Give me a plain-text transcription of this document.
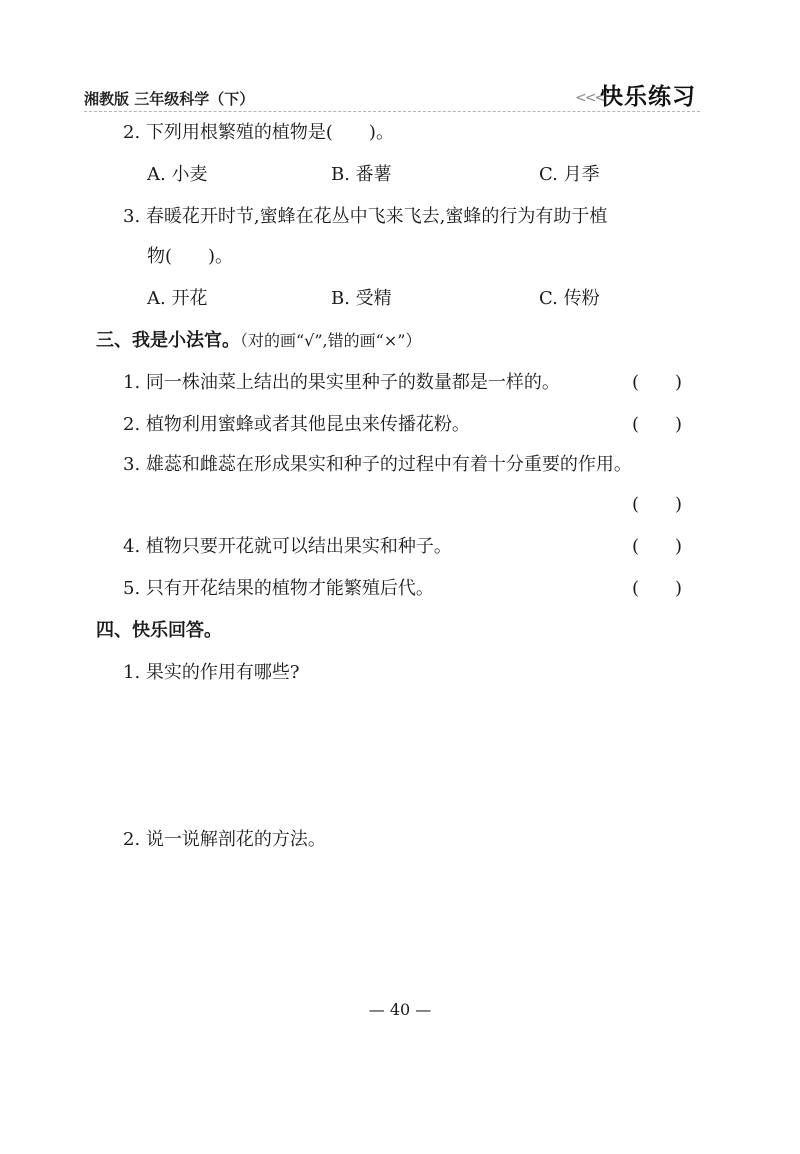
湘教版 三年级科学（下）	<<<
快乐练习
2. 下列用根繁殖的植物是(　　)。
A. 小麦	B. 番薯	C. 月季
3. 春暖花开时节,蜜蜂在花丛中飞来飞去,蜜蜂的行为有助于植
物(　　)。
A. 开花	B. 受精	C. 传粉
三、我是小法官。（对的画“√”,错的画“×”）
1. 同一株油菜上结出的果实里种子的数量都是一样的。	(　　)
2. 植物利用蜜蜂或者其他昆虫来传播花粉。	(　　)
3. 雄蕊和雌蕊在形成果实和种子的过程中有着十分重要的作用。
(　　)
4. 植物只要开花就可以结出果实和种子。	(　　)
5. 只有开花结果的植物才能繁殖后代。	(　　)
四、快乐回答。
1. 果实的作用有哪些?
2. 说一说解剖花的方法。
— 40 —
